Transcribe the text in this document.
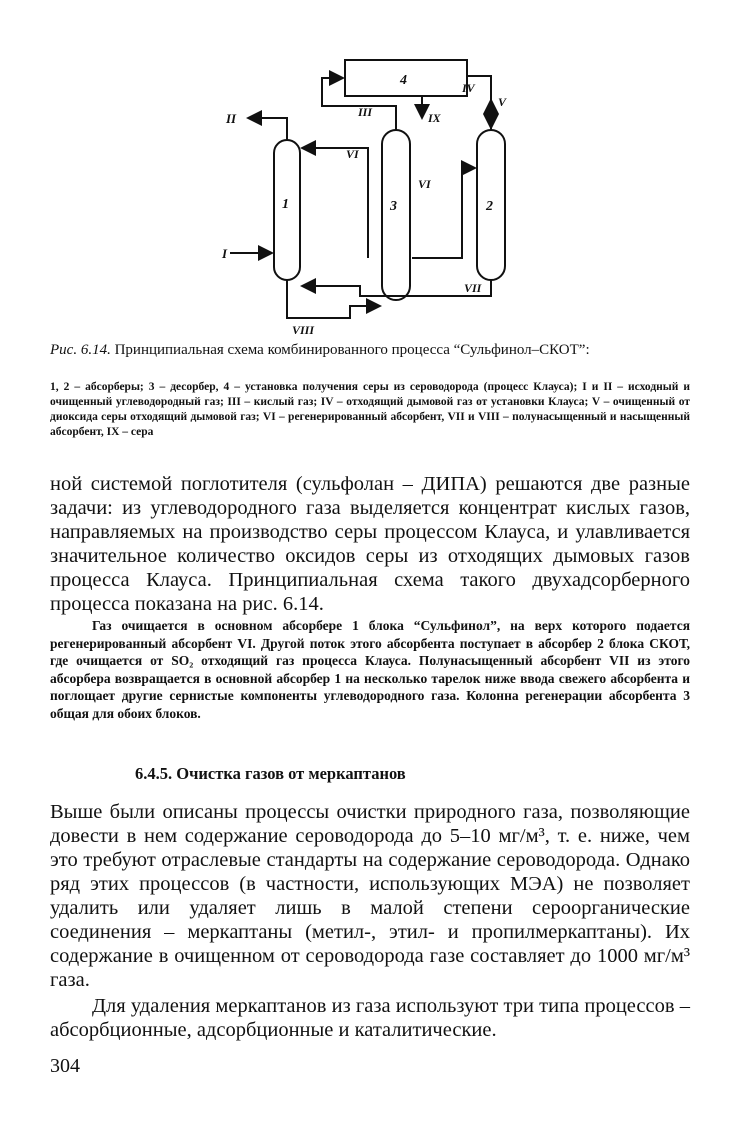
4
1	3	2
II
I
III	IX
IV
V
VI
VI
VII
VIII
Рис. 6.14. Принципиальная схема комбинированного процесса “Сульфинол–СКОТ”:
1, 2 – абсорберы; 3 – десорбер, 4 – установка получения серы из сероводорода (процесс Клауса); I и II – исходный и очищенный углеводородный газ; III – кислый газ; IV – отходящий дымовой газ от установки Клауса; V – очищенный от диоксида серы отходящий дымовой газ; VI – регенерированный абсорбент, VII и VIII – полунасыщенный и насыщенный абсорбент, IX – сера
ной системой поглотителя (сульфолан – ДИПА) решаются две разные задачи: из углеводородного газа выделяется концентрат кислых газов, направляемых на производство серы процессом Клауса, и улавливается значительное количество оксидов серы из отходящих дымовых газов процесса Клауса. Принципиальная схема такого двухадсорберного процесса показана на рис. 6.14.
Газ очищается в основном абсорбере 1 блока “Сульфинол”, на верх которого подается регенерированный абсорбент VI. Другой поток этого абсорбента поступает в абсорбер 2 блока СКОТ, где очищается от SO₂ отходящий газ процесса Клауса. Полунасыщенный абсорбент VII из этого абсорбера возвращается в основной абсорбер 1 на несколько тарелок ниже ввода свежего абсорбента и поглощает другие сернистые компоненты углеводородного газа. Колонна регенерации абсорбента 3 общая для обоих блоков.
6.4.5. Очистка газов от меркаптанов
Выше были описаны процессы очистки природного газа, позволяющие довести в нем содержание сероводорода до 5–10 мг/м³, т. е. ниже, чем это требуют отраслевые стандарты на содержание сероводорода. Однако ряд этих процессов (в частности, использующих МЭА) не позволяет удалить или удаляет лишь в малой степени сероорганические соединения – меркаптаны (метил-, этил- и пропилмеркаптаны). Их содержание в очищенном от сероводорода газе составляет до 1000 мг/м³ газа.
Для удаления меркаптанов из газа используют три типа процессов – абсорбционные, адсорбционные и каталитические.
304
